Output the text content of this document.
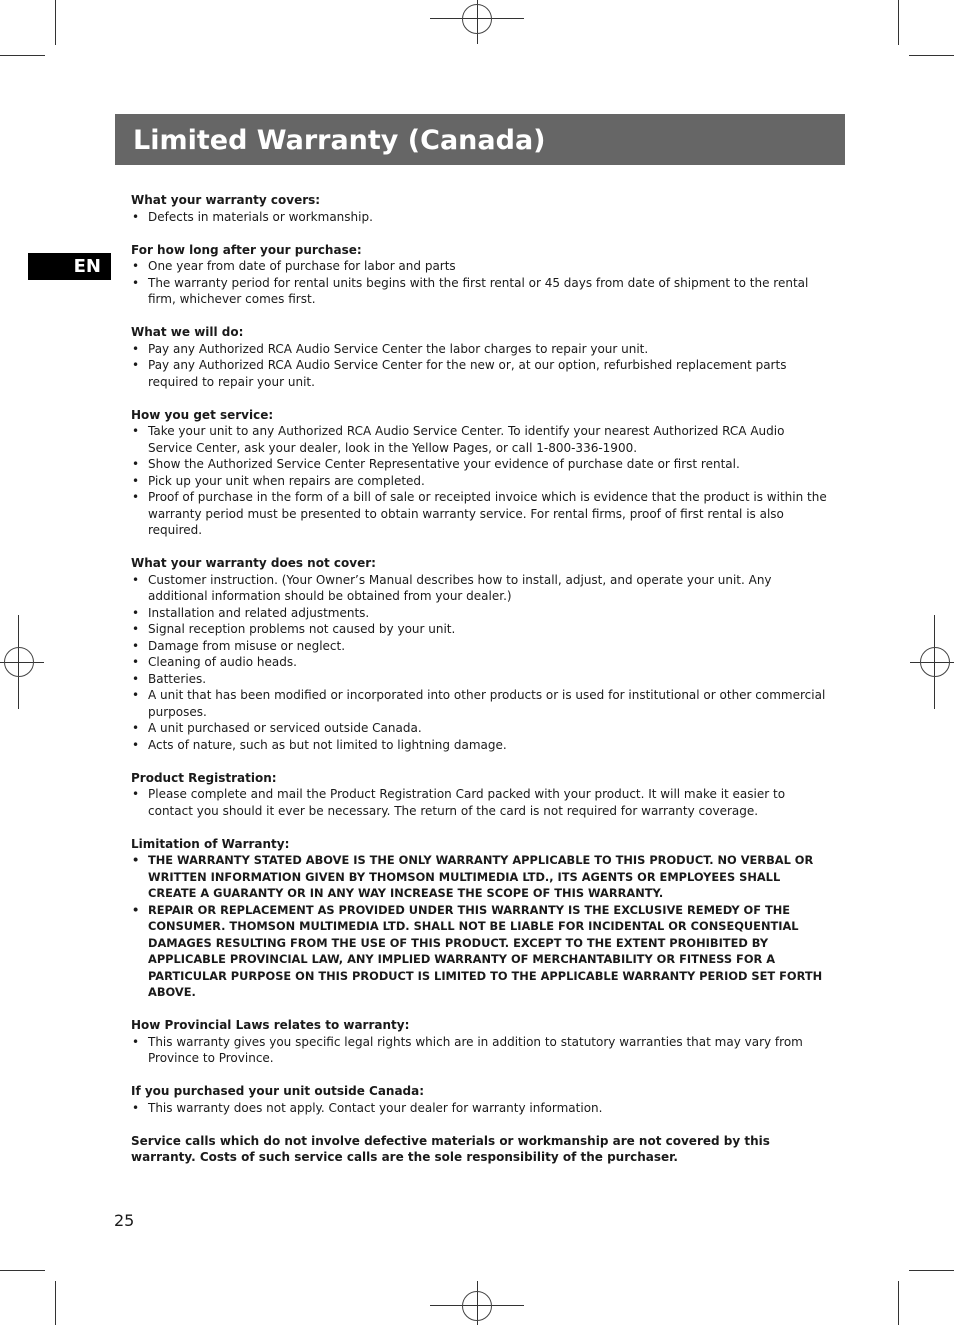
Limited Warranty (Canada)
EN
What your warranty covers:
• Defects in materials or workmanship.
For how long after your purchase:
• One year from date of purchase for labor and parts
• The warranty period for rental units begins with the first rental or 45 days from date of shipment to the rental firm, whichever comes first.
What we will do:
• Pay any Authorized RCA Audio Service Center the labor charges to repair your unit.
• Pay any Authorized RCA Audio Service Center for the new or, at our option, refurbished replacement parts required to repair your unit.
How you get service:
• Take your unit to any Authorized RCA Audio Service Center. To identify your nearest Authorized RCA Audio Service Center, ask your dealer, look in the Yellow Pages, or call 1-800-336-1900.
• Show the Authorized Service Center Representative your evidence of purchase date or first rental.
• Pick up your unit when repairs are completed.
• Proof of purchase in the form of a bill of sale or receipted invoice which is evidence that the product is within the warranty period must be presented to obtain warranty service. For rental firms, proof of first rental is also required.
What your warranty does not cover:
• Customer instruction. (Your Owner’s Manual describes how to install, adjust, and operate your unit. Any additional information should be obtained from your dealer.)
• Installation and related adjustments.
• Signal reception problems not caused by your unit.
• Damage from misuse or neglect.
• Cleaning of audio heads.
• Batteries.
• A unit that has been modified or incorporated into other products or is used for institutional or other commercial purposes.
• A unit purchased or serviced outside Canada.
• Acts of nature, such as but not limited to lightning damage.
Product Registration:
• Please complete and mail the Product Registration Card packed with your product. It will make it easier to contact you should it ever be necessary. The return of the card is not required for warranty coverage.
Limitation of Warranty:
• THE WARRANTY STATED ABOVE IS THE ONLY WARRANTY APPLICABLE TO THIS PRODUCT. NO VERBAL OR WRITTEN INFORMATION GIVEN BY THOMSON MULTIMEDIA LTD., ITS AGENTS OR EMPLOYEES SHALL CREATE A GUARANTY OR IN ANY WAY INCREASE THE SCOPE OF THIS WARRANTY.
• REPAIR OR REPLACEMENT AS PROVIDED UNDER THIS WARRANTY IS THE EXCLUSIVE REMEDY OF THE CONSUMER. THOMSON MULTIMEDIA LTD. SHALL NOT BE LIABLE FOR INCIDENTAL OR CONSEQUENTIAL DAMAGES RESULTING FROM THE USE OF THIS PRODUCT. EXCEPT TO THE EXTENT PROHIBITED BY APPLICABLE PROVINCIAL LAW, ANY IMPLIED WARRANTY OF MERCHANTABILITY OR FITNESS FOR A PARTICULAR PURPOSE ON THIS PRODUCT IS LIMITED TO THE APPLICABLE WARRANTY PERIOD SET FORTH ABOVE.
How Provincial Laws relates to warranty:
• This warranty gives you specific legal rights which are in addition to statutory warranties that may vary from Province to Province.
If you purchased your unit outside Canada:
• This warranty does not apply. Contact your dealer for warranty information.
Service calls which do not involve defective materials or workmanship are not covered by this warranty. Costs of such service calls are the sole responsibility of the purchaser.
25
